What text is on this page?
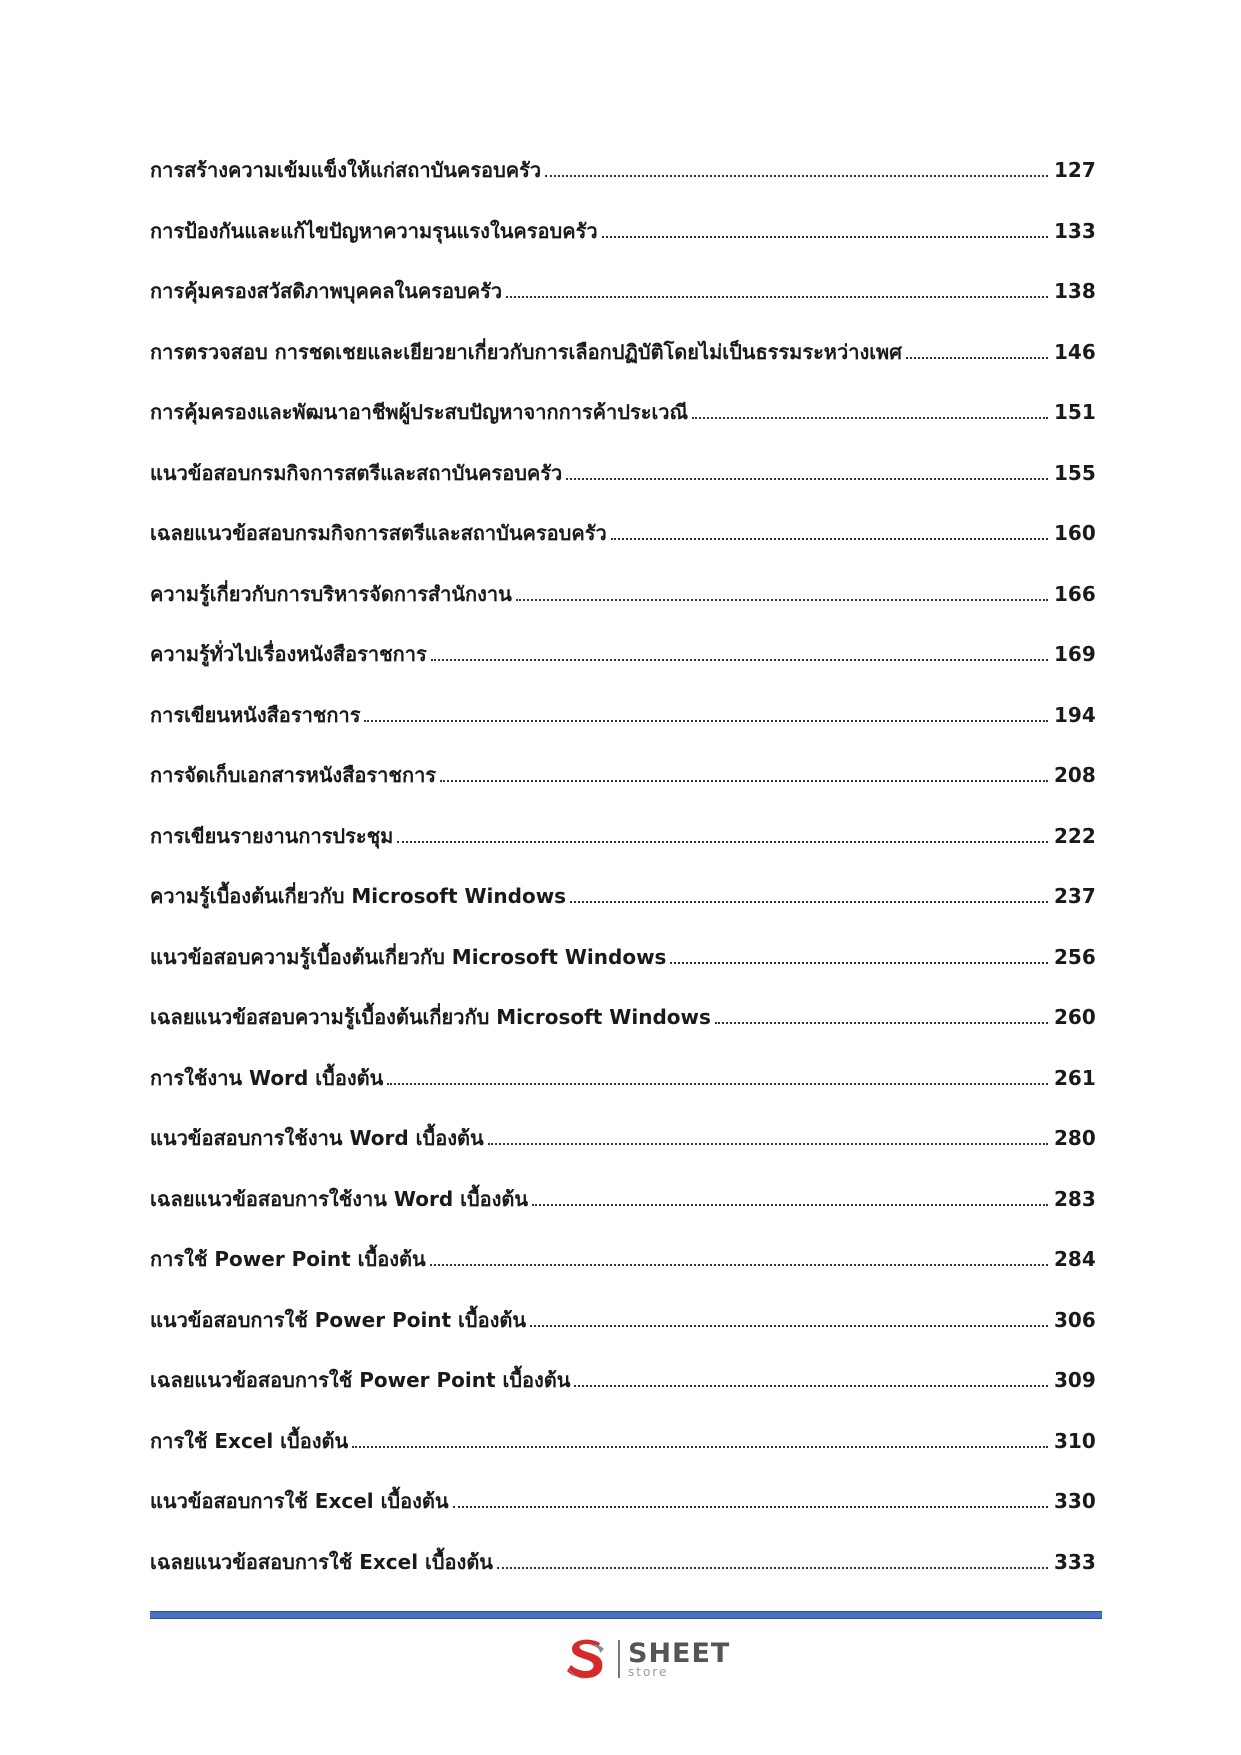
การสร้างความเข้มแข็งให้แก่สถาบันครอบครัว	127
การป้องกันและแก้ไขปัญหาความรุนแรงในครอบครัว	133
การคุ้มครองสวัสดิภาพบุคคลในครอบครัว	138
การตรวจสอบ การชดเชยและเยียวยาเกี่ยวกับการเลือกปฏิบัติโดยไม่เป็นธรรมระหว่างเพศ	146
การคุ้มครองและพัฒนาอาชีพผู้ประสบปัญหาจากการค้าประเวณี	151
แนวข้อสอบกรมกิจการสตรีและสถาบันครอบครัว	155
เฉลยแนวข้อสอบกรมกิจการสตรีและสถาบันครอบครัว	160
ความรู้เกี่ยวกับการบริหารจัดการสำนักงาน	166
ความรู้ทั่วไปเรื่องหนังสือราชการ	169
การเขียนหนังสือราชการ	194
การจัดเก็บเอกสารหนังสือราชการ	208
การเขียนรายงานการประชุม	222
ความรู้เบื้องต้นเกี่ยวกับ Microsoft Windows	237
แนวข้อสอบความรู้เบื้องต้นเกี่ยวกับ Microsoft Windows	256
เฉลยแนวข้อสอบความรู้เบื้องต้นเกี่ยวกับ Microsoft Windows	260
การใช้งาน Word เบื้องต้น	261
แนวข้อสอบการใช้งาน Word เบื้องต้น	280
เฉลยแนวข้อสอบการใช้งาน Word เบื้องต้น	283
การใช้ Power Point เบื้องต้น	284
แนวข้อสอบการใช้ Power Point เบื้องต้น	306
เฉลยแนวข้อสอบการใช้ Power Point เบื้องต้น	309
การใช้ Excel เบื้องต้น	310
แนวข้อสอบการใช้ Excel เบื้องต้น	330
เฉลยแนวข้อสอบการใช้ Excel เบื้องต้น	333
SHEET
store
